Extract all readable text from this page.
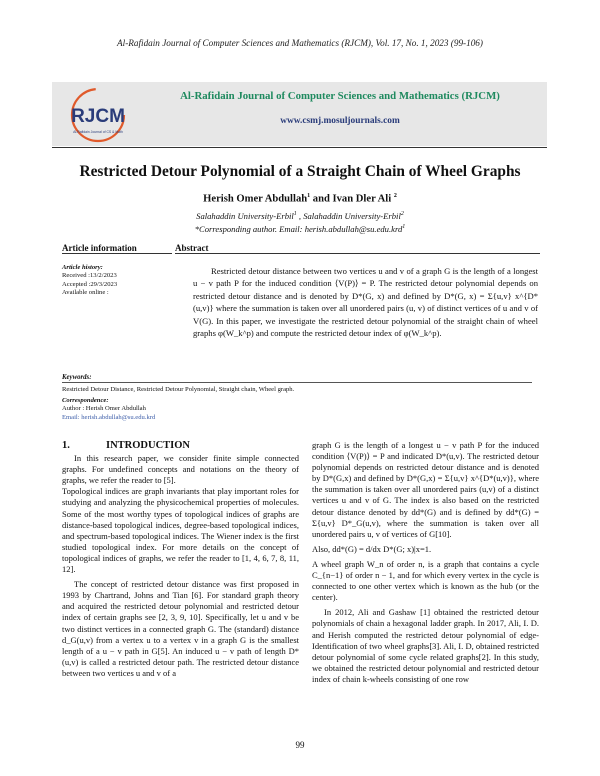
Al-Rafidain Journal of Computer Sciences and Mathematics (RJCM), Vol. 17, No. 1, 2023 (99-106)
RJCM
Al-Rafidain Journal of CS & Math
Al-Rafidain Journal of Computer Sciences and Mathematics (RJCM)
www.csmj.mosuljournals.com
Restricted Detour Polynomial of a Straight Chain of Wheel Graphs
Herish Omer Abdullah$^1$ and Ivan Dler Ali $^2$
Salahaddin University-Erbil$^1$ , Salahaddin University-Erbil$^2$
*Corresponding author. Email: herish.abdullah@su.edu.krd$^1$
Article information	Abstract
Article history:
Received :13/2/2023
Accepted :29/3/2023
Available online :
Restricted detour distance between two vertices u and v of a graph G is the length of a longest u − v path P for the induced condition ⟨V(P)⟩ = P. The restricted detour polynomial depends on restricted detour distance and is denoted by D*(G, x) and defined by D*(G, x) = Σ{u,v} x^{D*(u,v)} where the summation is taken over all unordered pairs (u, v) of distinct vertices of u and v of V(G). In this paper, we investigate the restricted detour polynomial of the straight chain of wheel graphs φ(W_k^p) and compute the restricted detour index of φ(W_k^p).
Keywords:
Restricted Detour Distance, Restricted Detour Polynomial, Straight chain, Wheel graph.
Correspondence:
Author : Herish Omer Abdullah
Email: herish.abdullah@su.edu.krd
1.	INTRODUCTION

In this research paper, we consider finite simple connected graphs. For undefined concepts and notations on the theory of graphs, we refer the reader to [5].

Topological indices are graph invariants that play important roles for studying and analyzing the physicochemical properties of molecules. Some of the most worthy types of topological indices of graphs are distance-based topological indices, degree-based topological indices, and spectrum-based topological indices. The Wiener index is the first studied topological index. For more details on the concept of topological indices of graphs, we refer the reader to [1, 4, 6, 7, 8, 11, 12].

The concept of restricted detour distance was first proposed in 1993 by Chartrand, Johns and Tian [6]. For standard graph theory and acquired the restricted detour polynomial and restricted detour index of certain graphs see [2, 3, 9, 10]. Specifically, let u and v be two distinct vertices in a connected graph G. The (standard) distance d_G(u,v) from a vertex u to a vertex v in a graph G is the smallest length of a u − v path in G[5]. An induced u − v path of length D*(u,v) is called a restricted detour path. The restricted detour distance between two vertices u and v of a

graph G is the length of a longest u − v path P for the induced condition ⟨V(P)⟩ = P and indicated D*(u,v). The restricted detour polynomial depends on restricted detour distance and is denoted by D*(G,x) and defined by D*(G,x) = Σ{u,v} x^{D*(u,v)}, where the summation is taken over all unordered pairs (u,v) of a distinct vertices u and v of G. The index is also based on the restricted detour distance denoted by dd*(G) and is defined by dd*(G) = Σ{u,v} D*_G(u,v), where the summation is taken over all unordered pairs u, v of vertices of G[10].

Also, dd*(G) = d/dx D*(G; x)|x=1.

A wheel graph W_n of order n, is a graph that contains a cycle C_{n−1} of order n − 1, and for which every vertex in the cycle is connected to one other vertex which is known as the hub (or the center).

In 2012, Ali and Gashaw [1] obtained the restricted detour polynomials of chain a hexagonal ladder graph. In 2017, Ali, I. D. and Herish computed the restricted detour polynomial of edge-Identification of two wheel graphs[3]. Ali, I. D, obtained restricted detour polynomial of some cycle related graphs[2]. In this study, we obtained the restricted detour polynomial and restricted detour index of chain k-wheels consisting of one row

99
